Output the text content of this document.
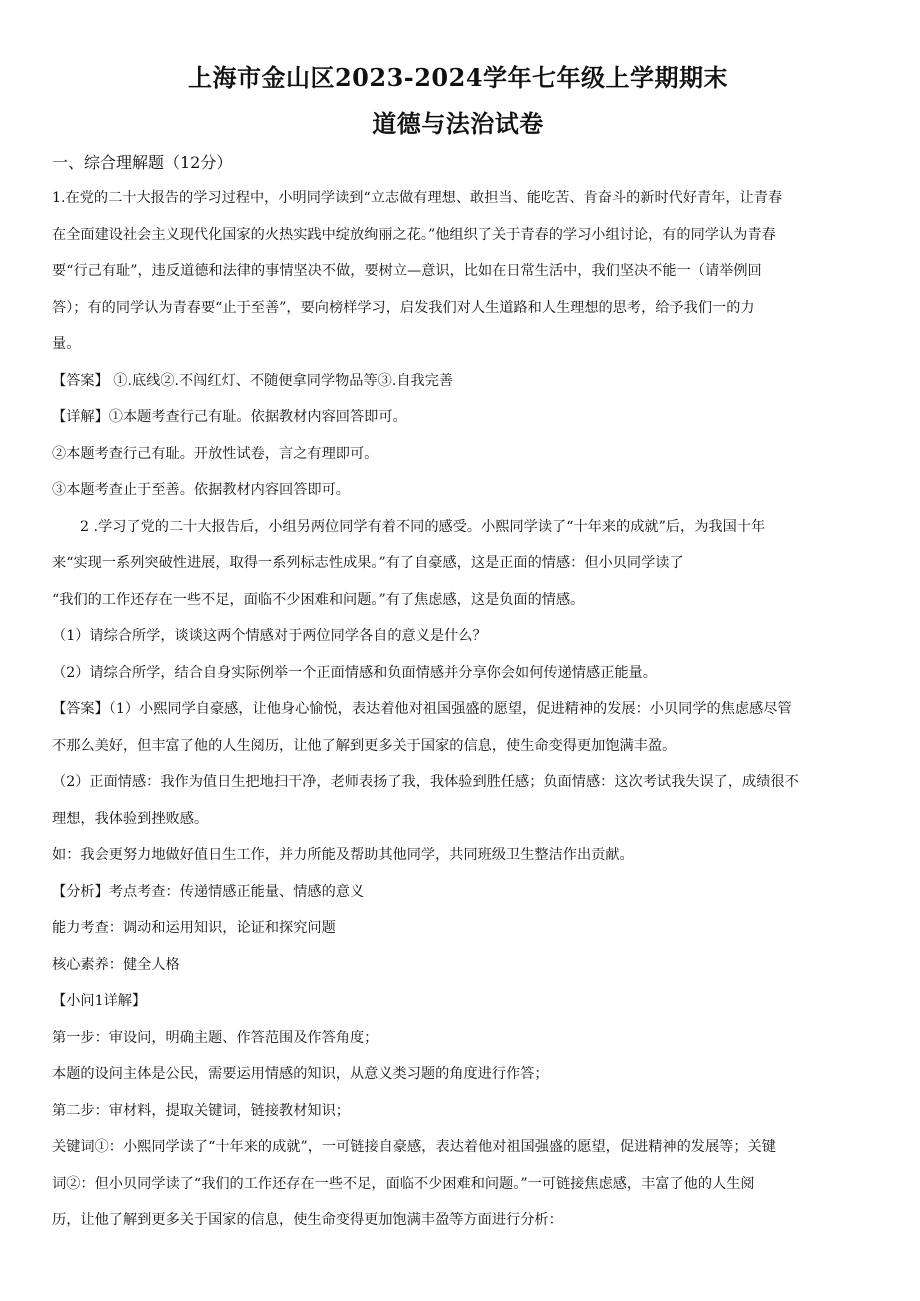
上海市金山区2023-2024学年七年级上学期期末
道德与法治试卷
一、综合理解题（12分）

1.在党的二十大报告的学习过程中，小明同学读到“立志做有理想、敢担当、能吃苦、肯奋斗的新时代好青年，让青春

在全面建设社会主义现代化国家的火热实践中绽放绚丽之花。”他组织了关于青春的学习小组讨论，有的同学认为青春

要“行己有耻”，违反道德和法律的事情坚决不做，要树立—意识，比如在日常生活中，我们坚决不能一（请举例回

答）；有的同学认为青春要“止于至善”，要向榜样学习，启发我们对人生道路和人生理想的思考，给予我们一的力

量。

【答案】 ①.底线②.不闯红灯、不随便拿同学物品等③.自我完善

【详解】①本题考查行己有耻。依据教材内容回答即可。

②本题考查行己有耻。开放性试卷，言之有理即可。

③本题考查止于至善。依据教材内容回答即可。

2 .学习了党的二十大报告后，小组另两位同学有着不同的感受。小熙同学读了“十年来的成就”后，为我国十年

来“实现一系列突破性进展，取得一系列标志性成果。”有了自豪感，这是正面的情感：但小贝同学读了

“我们的工作还存在一些不足，面临不少困难和问题。”有了焦虑感，这是负面的情感。

（1）请综合所学，谈谈这两个情感对于两位同学各自的意义是什么？

（2）请综合所学，结合自身实际例举一个正面情感和负面情感并分享你会如何传递情感正能量。

【答案】（1）小熙同学自豪感，让他身心愉悦，表达着他对祖国强盛的愿望，促进精神的发展：小贝同学的焦虑感尽管

不那么美好，但丰富了他的人生阅历，让他了解到更多关于国家的信息，使生命变得更加饱满丰盈。

（2）正面情感：我作为值日生把地扫干净，老师表扬了我，我体验到胜任感；负面情感：这次考试我失误了，成绩很不

理想，我体验到挫败感。

如：我会更努力地做好值日生工作，并力所能及帮助其他同学，共同班级卫生整洁作出贡献。

【分析】考点考查：传递情感正能量、情感的意义

能力考查：调动和运用知识，论证和探究问题

核心素养：健全人格

【小问1详解】

第一步：审设问，明确主题、作答范围及作答角度；

本题的设问主体是公民，需要运用情感的知识，从意义类习题的角度进行作答；

第二步：审材料，提取关键词，链接教材知识；

关键词①：小熙同学读了“十年来的成就”，一可链接自豪感，表达着他对祖国强盛的愿望，促进精神的发展等；关键

词②：但小贝同学读了“我们的工作还存在一些不足，面临不少困难和问题。”一可链接焦虑感，丰富了他的人生阅

历，让他了解到更多关于国家的信息，使生命变得更加饱满丰盈等方面进行分析：
